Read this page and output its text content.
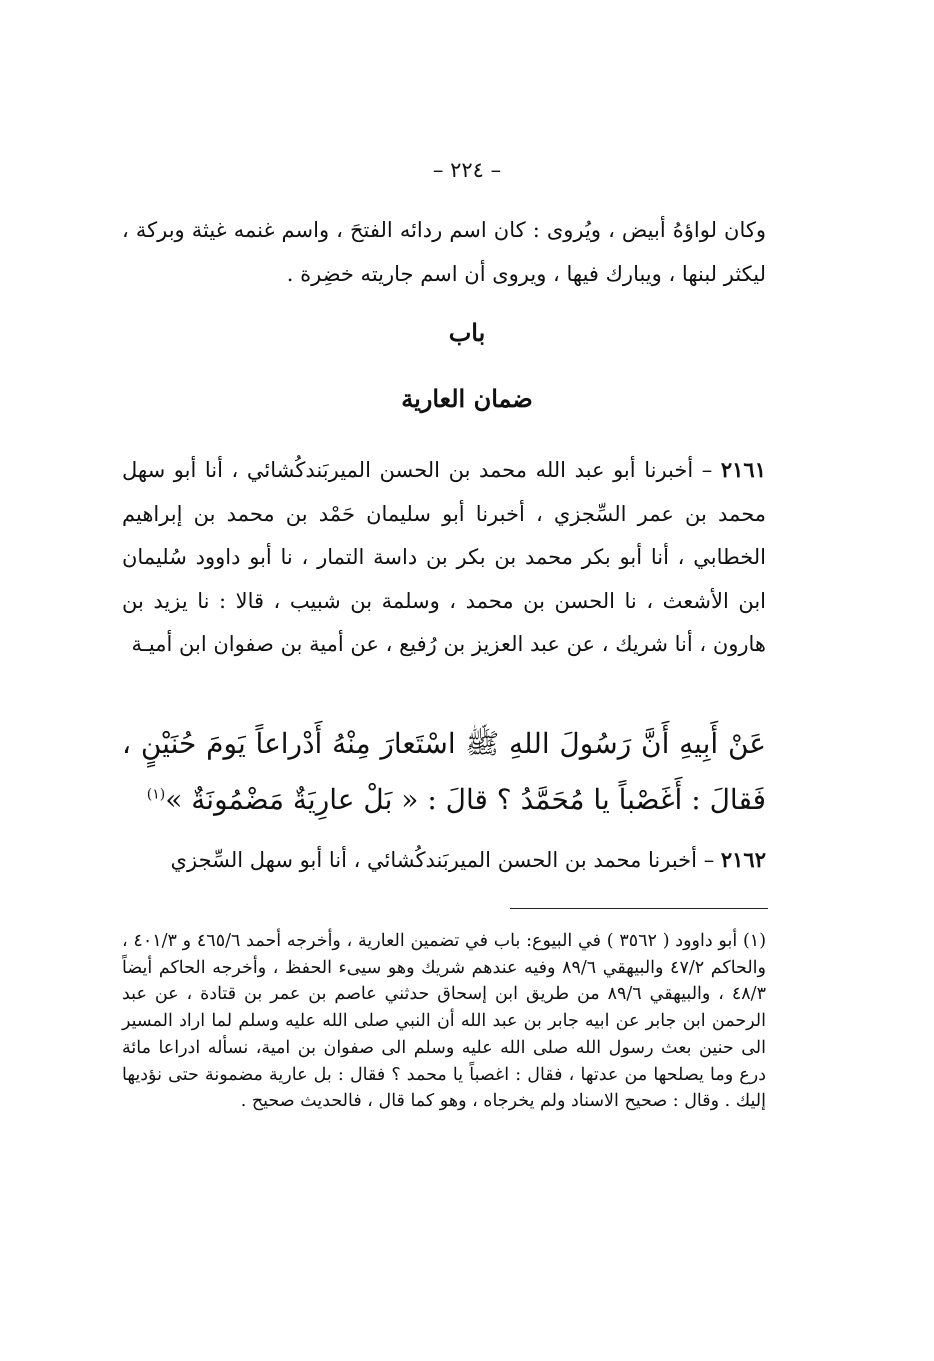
– ٢٢٤ –
وكان لواؤهُ أبيض ، ويُروى : كان اسم ردائه الفتحَ ، واسم غنمه غيثة وبركة ، ليكثر لبنها ، ويبارك فيها ، ويروى أن اسم جاريته خضِرة .
باب
ضمان العارية
٢١٦١ – أخبرنا أبو عبد الله محمد بن الحسن الميربَندكُشائي ، أنا أبو سهل محمد بن عمر السِّجزي ، أخبرنا أبو سليمان حَمْد بن محمد بن إبراهيم الخطابي ، أنا أبو بكر محمد بن بكر بن داسة التمار ، نا أبو داوود سُليمان ابن الأشعث ، نا الحسن بن محمد ، وسلمة بن شبيب ، قالا : نا يزيد بن هارون ، أنا شريك ، عن عبد العزيز بن رُفيع ، عن أمية بن صفوان ابن أميـة
عَنْ أَبِيهِ أَنَّ رَسُولَ اللهِ ﷺ اسْتَعارَ مِنْهُ أَدْراعاً يَومَ حُنَيْنٍ ، فَقالَ : أَغَصْباً يا مُحَمَّدُ ؟ قالَ : « بَلْ عارِيَةٌ مَضْمُونَةٌ »$^{(١)}$
٢١٦٢ – أخبرنا محمد بن الحسن الميربَندكُشائي ، أنا أبو سهل السِّجزي
(١) أبو داوود ( ٣٥٦٢ ) في البيوع: باب في تضمين العارية ، وأخرجه أحمد ٤٦٥/٦ و ٤٠١/٣ ، والحاكم ٤٧/٢ والبيهقي ٨٩/٦ وفيه عندهم شريك وهو سيىء الحفظ ، وأخرجه الحاكم أيضاً ٤٨/٣ ، والبيهقي ٨٩/٦ من طريق ابن إسحاق حدثني عاصم بن عمر بن قتادة ، عن عبد الرحمن ابن جابر عن ابيه جابر بن عبد الله أن النبي صلى الله عليه وسلم لما اراد المسير الى حنين بعث رسول الله صلى الله عليه وسلم الى صفوان بن امية، نسأله ادراعا مائة درع وما يصلحها من عدتها ، فقال : اغصباً يا محمد ؟ فقال : بل عارية مضمونة حتى نؤديها إليك . وقال : صحيح الاسناد ولم يخرجاه ، وهو كما قال ، فالحديث صحيح .
